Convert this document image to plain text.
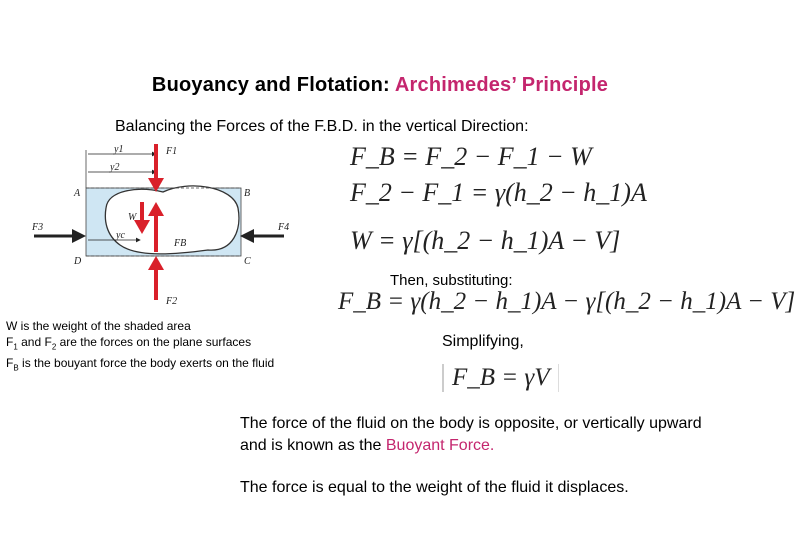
Buoyancy and Flotation: Archimedes’ Principle
Balancing the Forces of the F.B.D. in the vertical Direction:
F1
y1
y2
yc
W
FB
F2
F3	F4
A	B
C
D
F_B = F_2 − F_1 − W
F_2 − F_1 = γ(h_2 − h_1)A
W = γ[(h_2 − h_1)A − V]
Then, substituting:
F_B = γ(h_2 − h_1)A − γ[(h_2 − h_1)A − V]
Simplifying,
F_B = γV
W is the weight of the shaded area
$F_1$ and $F_2$ are the forces on the plane surfaces
$F_B$ is the bouyant force the body exerts on the fluid
The force of the fluid on the body is opposite, or vertically upward and is known as the Buoyant Force.
The force is equal to the weight of the fluid it displaces.
